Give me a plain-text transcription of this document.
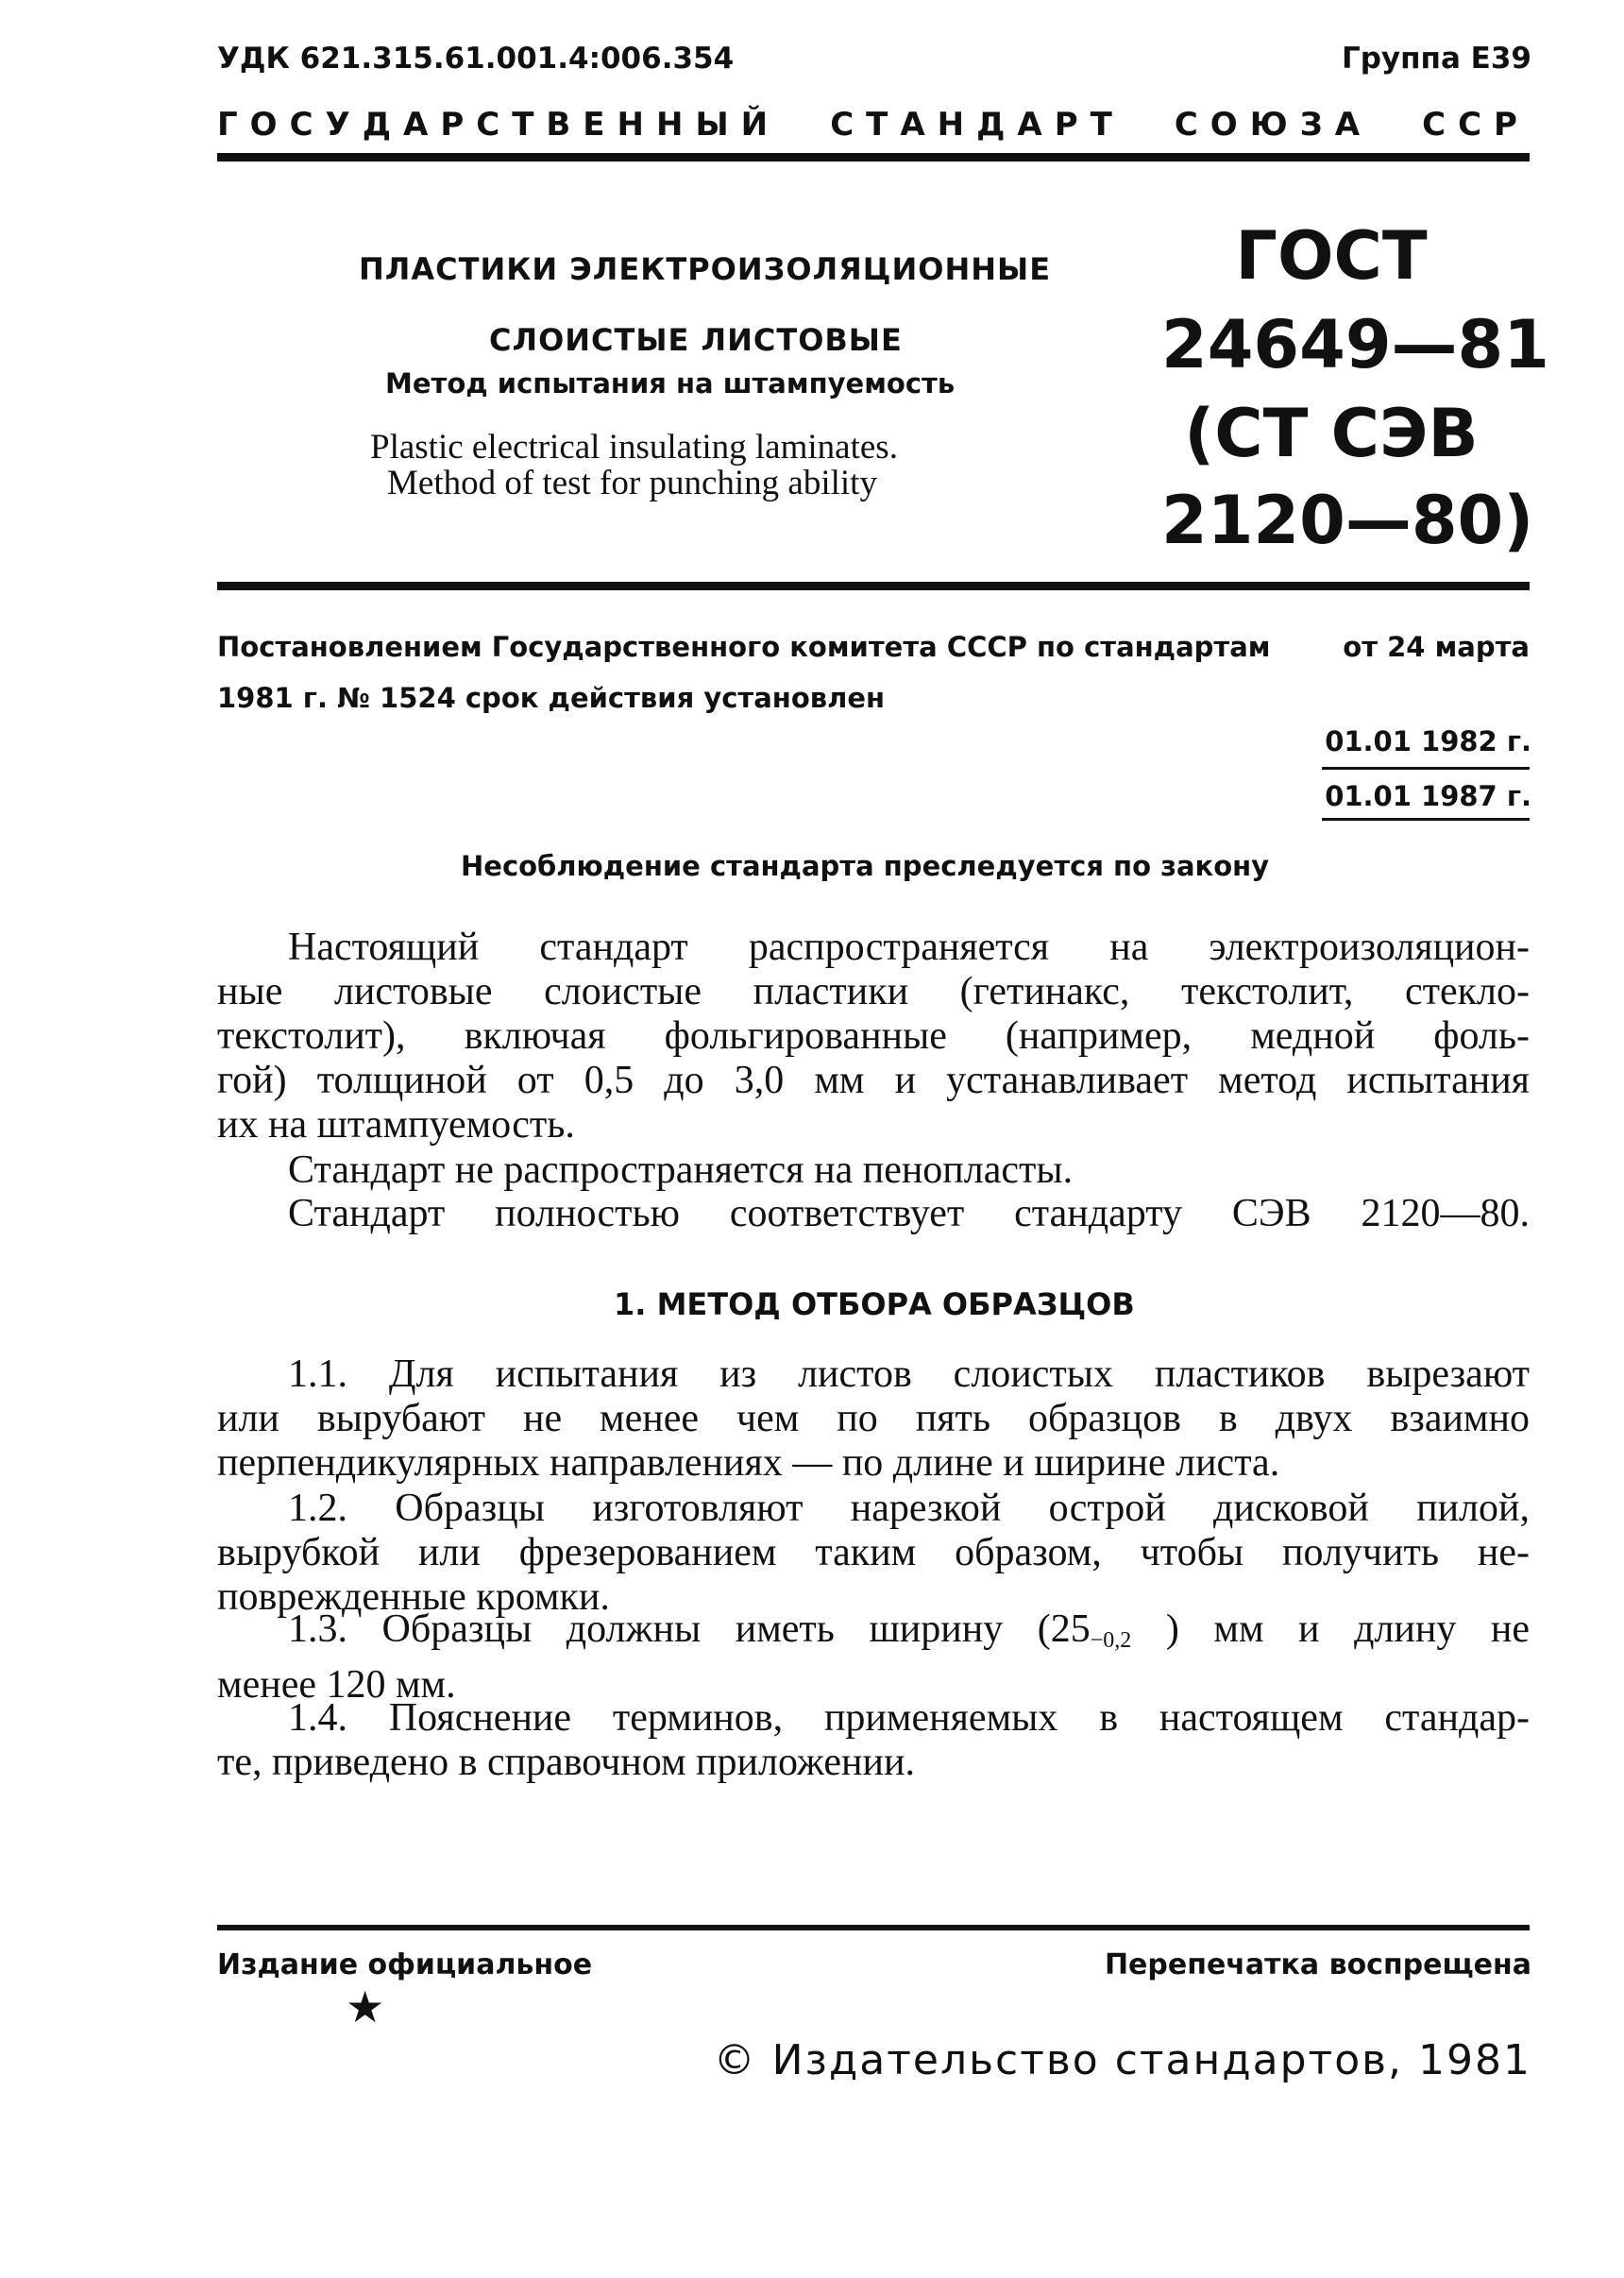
УДК 621.315.61.001.4:006.354	Группа Е39
ГОСУДАРСТВЕННЫЙ СТАНДАРТ СОЮЗА ССР
ПЛАСТИКИ ЭЛЕКТРОИЗОЛЯЦИОННЫЕ
СЛОИСТЫЕ ЛИСТОВЫЕ
Метод испытания на штампуемость
Plastic electrical insulating laminates.
Method of test for punching ability
ГОСТ
24649—81
(СТ СЭВ
2120—80)
Постановлением Государственного комитета СССР по стандартам	от 24 марта
1981 г. № 1524 срок действия установлен
01.01 1982 г.
01.01 1987 г.
Несоблюдение стандарта преследуется по закону
Настоящий стандарт распространяется на электроизоляцион-
ные листовые слоистые пластики (гетинакс, текстолит, стекло-
текстолит), включая фольгированные (например, медной фоль-
гой) толщиной от 0,5 до 3,0 мм и устанавливает метод испытания
их на штампуемость.
Стандарт не распространяется на пенопласты.
Стандарт полностью соответствует стандарту СЭВ 2120—80.
1. МЕТОД ОТБОРА ОБРАЗЦОВ
1.1. Для испытания из листов слоистых пластиков вырезают
или вырубают не менее чем по пять образцов в двух взаимно
перпендикулярных направлениях — по длине и ширине листа.
1.2. Образцы изготовляют нарезкой острой дисковой пилой,
вырубкой или фрезерованием таким образом, чтобы получить не-
поврежденные кромки.
1.3. Образцы должны иметь ширину ($25_{-0,2}$ ) мм и длину не
менее 120 мм.
1.4. Пояснение терминов, применяемых в настоящем стандар-
те, приведено в справочном приложении.
Издание официальное	Перепечатка воспрещена
★
© Издательство стандартов, 1981
